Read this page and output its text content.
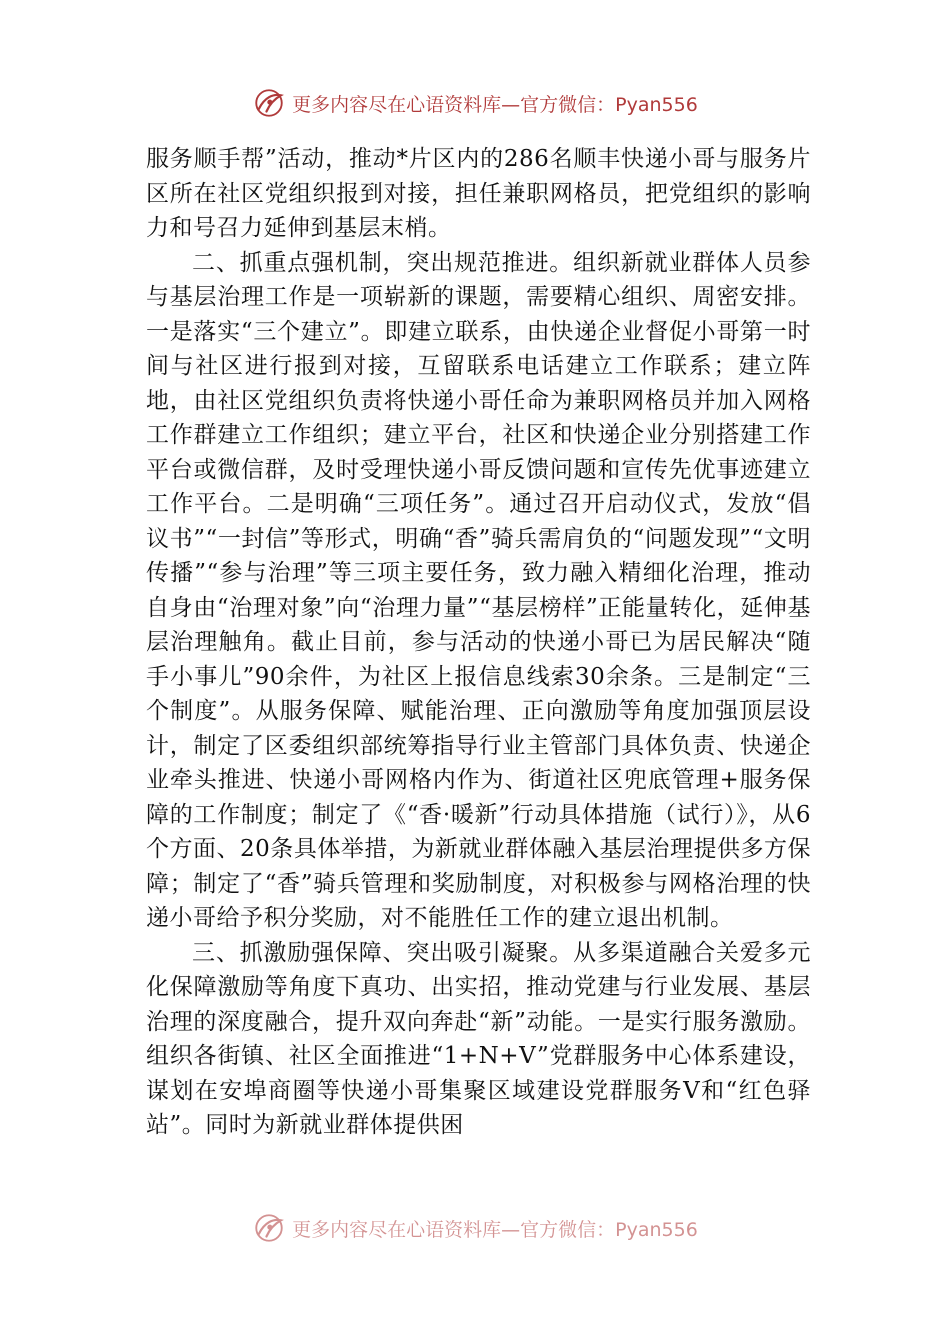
更多内容尽在心语资料库—官方微信：Pyan556

服务顺手帮”活动，推动*片区内的286名顺丰快递小哥与服务片区所在社区党组织报到对接，担任兼职网格员，把党组织的影响力和号召力延伸到基层末梢。

二、抓重点强机制，突出规范推进。组织新就业群体人员参与基层治理工作是一项崭新的课题，需要精心组织、周密安排。一是落实“三个建立”。即建立联系，由快递企业督促小哥第一时间与社区进行报到对接，互留联系电话建立工作联系；建立阵地，由社区党组织负责将快递小哥任命为兼职网格员并加入网格工作群建立工作组织；建立平台，社区和快递企业分别搭建工作平台或微信群，及时受理快递小哥反馈问题和宣传先优事迹建立工作平台。二是明确“三项任务”。通过召开启动仪式，发放“倡议书”“一封信”等形式，明确“香”骑兵需肩负的“问题发现”“文明传播”“参与治理”等三项主要任务，致力融入精细化治理，推动自身由“治理对象”向“治理力量”“基层榜样”正能量转化，延伸基层治理触角。截止目前，参与活动的快递小哥已为居民解决“随手小事儿”90余件，为社区上报信息线索30余条。三是制定“三个制度”。从服务保障、赋能治理、正向激励等角度加强顶层设计，制定了区委组织部统筹指导行业主管部门具体负责、快递企业牵头推进、快递小哥网格内作为、街道社区兜底管理+服务保障的工作制度；制定了《“香·暖新”行动具体措施（试行）》，从6个方面、20条具体举措，为新就业群体融入基层治理提供多方保障；制定了“香”骑兵管理和奖励制度，对积极参与网格治理的快递小哥给予积分奖励，对不能胜任工作的建立退出机制。

三、抓激励强保障、突出吸引凝聚。从多渠道融合关爱多元化保障激励等角度下真功、出实招，推动党建与行业发展、基层治理的深度融合，提升双向奔赴“新”动能。一是实行服务激励。组织各街镇、社区全面推进“1+N+V”党群服务中心体系建设，谋划在安埠商圈等快递小哥集聚区域建设党群服务V和“红色驿站”。同时为新就业群体提供困

更多内容尽在心语资料库—官方微信：Pyan556
